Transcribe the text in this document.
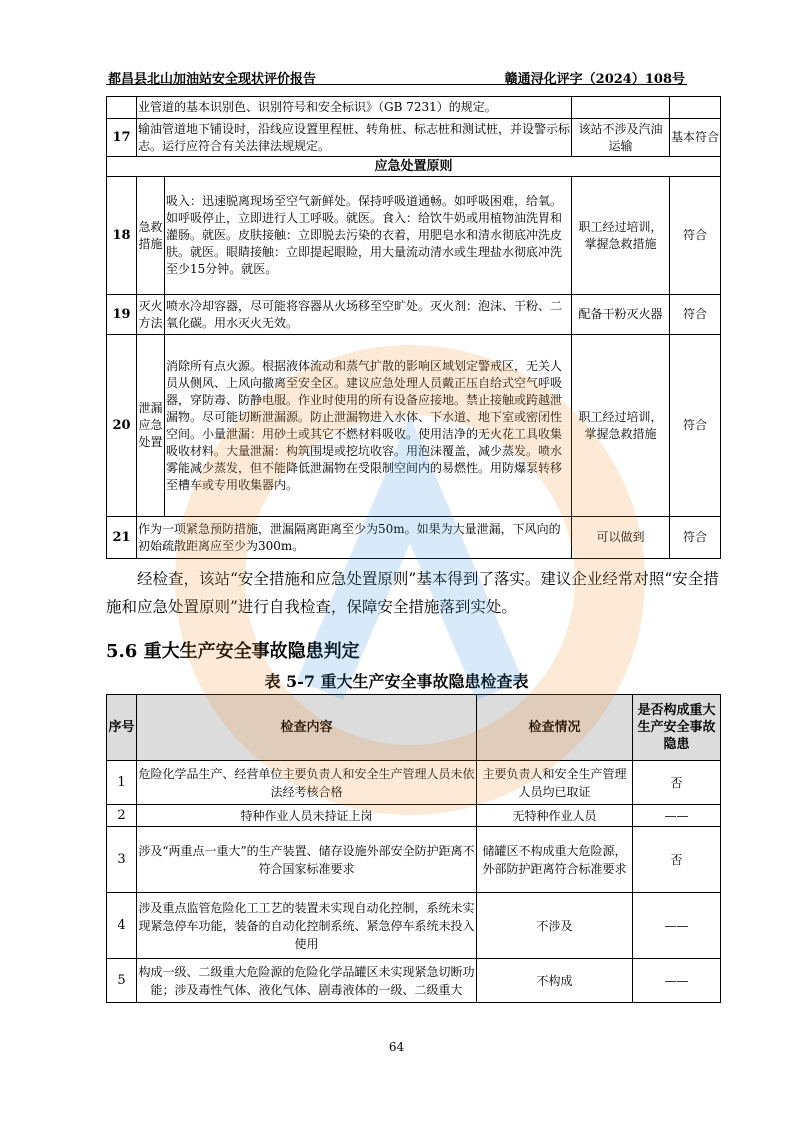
都昌县北山加油站安全现状评价报告	赣通浔化评字（2024）108号
	业管道的基本识别色、识别符号和安全标识》（GB 7231）的规定。			
17	输油管道地下铺设时，沿线应设置里程桩、转角桩、标志桩和测试桩，并设警示标志。运行应符合有关法律法规规定。		该站不涉及汽油运输	基本符合
应急处置原则				
18	急救措施	吸入：迅速脱离现场至空气新鲜处。保持呼吸道通畅。如呼吸困难，给氧。如呼吸停止，立即进行人工呼吸。就医。食入：给饮牛奶或用植物油洗胃和灌肠。就医。皮肤接触：立即脱去污染的衣着，用肥皂水和清水彻底冲洗皮肤。就医。眼睛接触：立即提起眼睑，用大量流动清水或生理盐水彻底冲洗至少15分钟。就医。	职工经过培训，掌握急救措施	符合
19	灭火方法	喷水冷却容器，尽可能将容器从火场移至空旷处。灭火剂：泡沫、干粉、二氧化碳。用水灭火无效。	配备干粉灭火器	符合
20	泄漏应急处置	消除所有点火源。根据液体流动和蒸气扩散的影响区域划定警戒区，无关人员从侧风、上风向撤离至安全区。建议应急处理人员戴正压自给式空气呼吸器，穿防毒、防静电服。作业时使用的所有设备应接地。禁止接触或跨越泄漏物。尽可能切断泄漏源。防止泄漏物进入水体、下水道、地下室或密闭性空间。小量泄漏：用砂土或其它不燃材料吸收。使用洁净的无火花工具收集吸收材料。大量泄漏：构筑围堤或挖坑收容。用泡沫覆盖，减少蒸发。喷水雾能减少蒸发，但不能降低泄漏物在受限制空间内的易燃性。用防爆泵转移至槽车或专用收集器内。	职工经过培训，掌握急救措施	符合
21	作为一项紧急预防措施，泄漏隔离距离至少为50m。如果为大量泄漏，下风向的初始疏散距离应至少为300m。		可以做到	符合
经检查，该站“安全措施和应急处置原则”基本得到了落实。建议企业经常对照“安全措施和应急处置原则”进行自我检查，保障安全措施落到实处。
5.6 重大生产安全事故隐患判定
表 5-7 重大生产安全事故隐患检查表
序号	检查内容	检查情况	是否构成重大生产安全事故隐患
1	危险化学品生产、经营单位主要负责人和安全生产管理人员未依法经考核合格	主要负责人和安全生产管理人员均已取证	否
2	特种作业人员未持证上岗	无特种作业人员	——
3	涉及“两重点一重大”的生产装置、储存设施外部安全防护距离不符合国家标准要求	储罐区不构成重大危险源，外部防护距离符合标准要求	否
4	涉及重点监管危险化工工艺的装置未实现自动化控制，系统未实现紧急停车功能，装备的自动化控制系统、紧急停车系统未投入使用	不涉及	——
5	构成一级、二级重大危险源的危险化学品罐区未实现紧急切断功能；涉及毒性气体、液化气体、剧毒液体的一级、二级重大	不构成	——
64
